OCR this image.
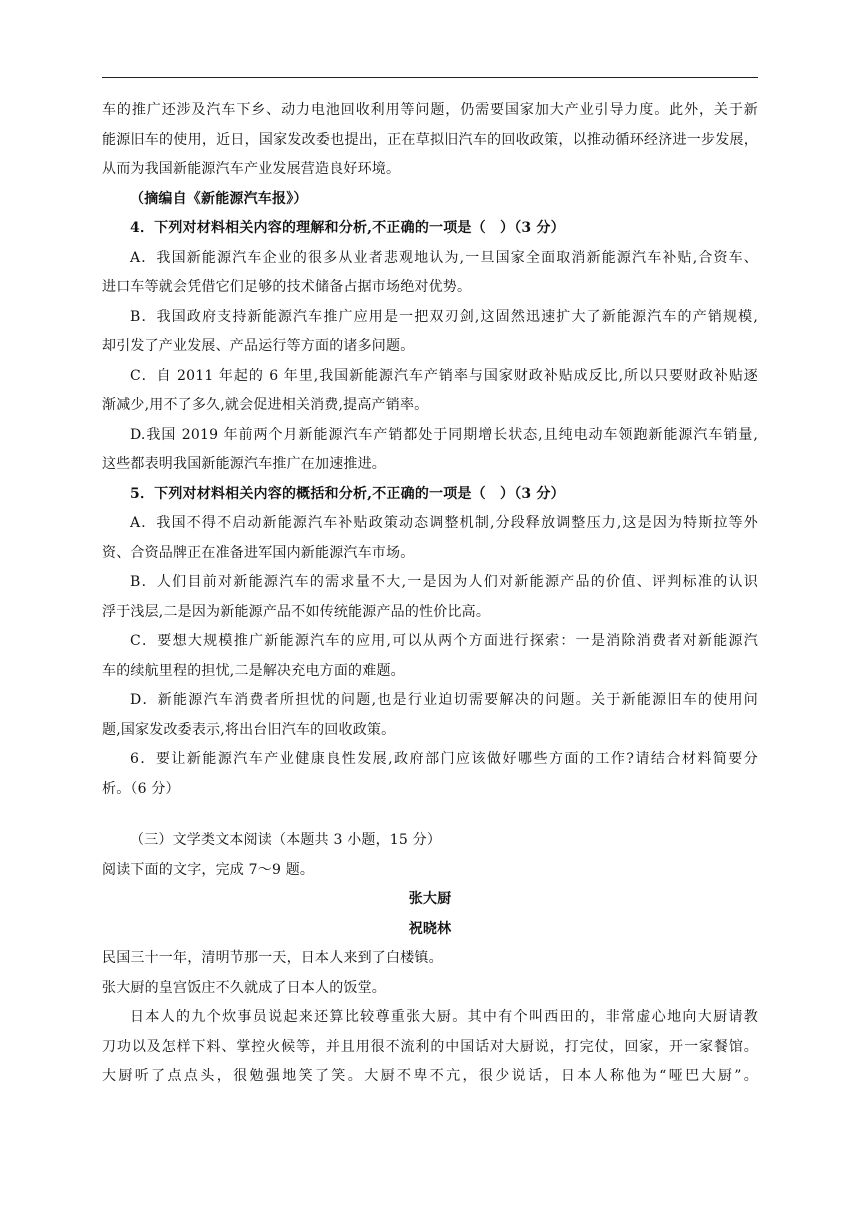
车的推广还涉及汽车下乡、动力电池回收利用等问题，仍需要国家加大产业引导力度。此外，关于新
能源旧车的使用，近日，国家发改委也提出，正在草拟旧汽车的回收政策，以推动循环经济进一步发展，
从而为我国新能源汽车产业发展营造良好环境。
（摘编自《新能源汽车报》）
4．下列对材料相关内容的理解和分析,不正确的一项是（　）（3 分）
A．我国新能源汽车企业的很多从业者悲观地认为,一旦国家全面取消新能源汽车补贴,合资车、
进口车等就会凭借它们足够的技术储备占据市场绝对优势。
B．我国政府支持新能源汽车推广应用是一把双刃剑,这固然迅速扩大了新能源汽车的产销规模,
却引发了产业发展、产品运行等方面的诸多问题。
C．自 2011 年起的 6 年里,我国新能源汽车产销率与国家财政补贴成反比,所以只要财政补贴逐
渐减少,用不了多久,就会促进相关消费,提高产销率。
D.我国 2019 年前两个月新能源汽车产销都处于同期增长状态,且纯电动车领跑新能源汽车销量,
这些都表明我国新能源汽车推广在加速推进。
5．下列对材料相关内容的概括和分析,不正确的一项是（　）（3 分）
A．我国不得不启动新能源汽车补贴政策动态调整机制,分段释放调整压力,这是因为特斯拉等外
资、合资品牌正在准备进军国内新能源汽车市场。
B．人们目前对新能源汽车的需求量不大,一是因为人们对新能源产品的价值、评判标准的认识
浮于浅层,二是因为新能源产品不如传统能源产品的性价比高。
C．要想大规模推广新能源汽车的应用,可以从两个方面进行探索：一是消除消费者对新能源汽
车的续航里程的担忧,二是解决充电方面的难题。
D．新能源汽车消费者所担忧的问题,也是行业迫切需要解决的问题。关于新能源旧车的使用问
题,国家发改委表示,将出台旧汽车的回收政策。
6．要让新能源汽车产业健康良性发展,政府部门应该做好哪些方面的工作?请结合材料简要分
析。（6 分）
（三）文学类文本阅读（本题共 3 小题，15 分）
阅读下面的文字，完成 7～9 题。
张大厨
祝晓林
民国三十一年，清明节那一天，日本人来到了白楼镇。
张大厨的皇宫饭庄不久就成了日本人的饭堂。
日本人的九个炊事员说起来还算比较尊重张大厨。其中有个叫西田的，非常虚心地向大厨请教
刀功以及怎样下料、掌控火候等，并且用很不流利的中国话对大厨说，打完仗，回家，开一家餐馆。
大厨听了点点头，很勉强地笑了笑。大厨不卑不亢，很少说话，日本人称他为“哑巴大厨”。
